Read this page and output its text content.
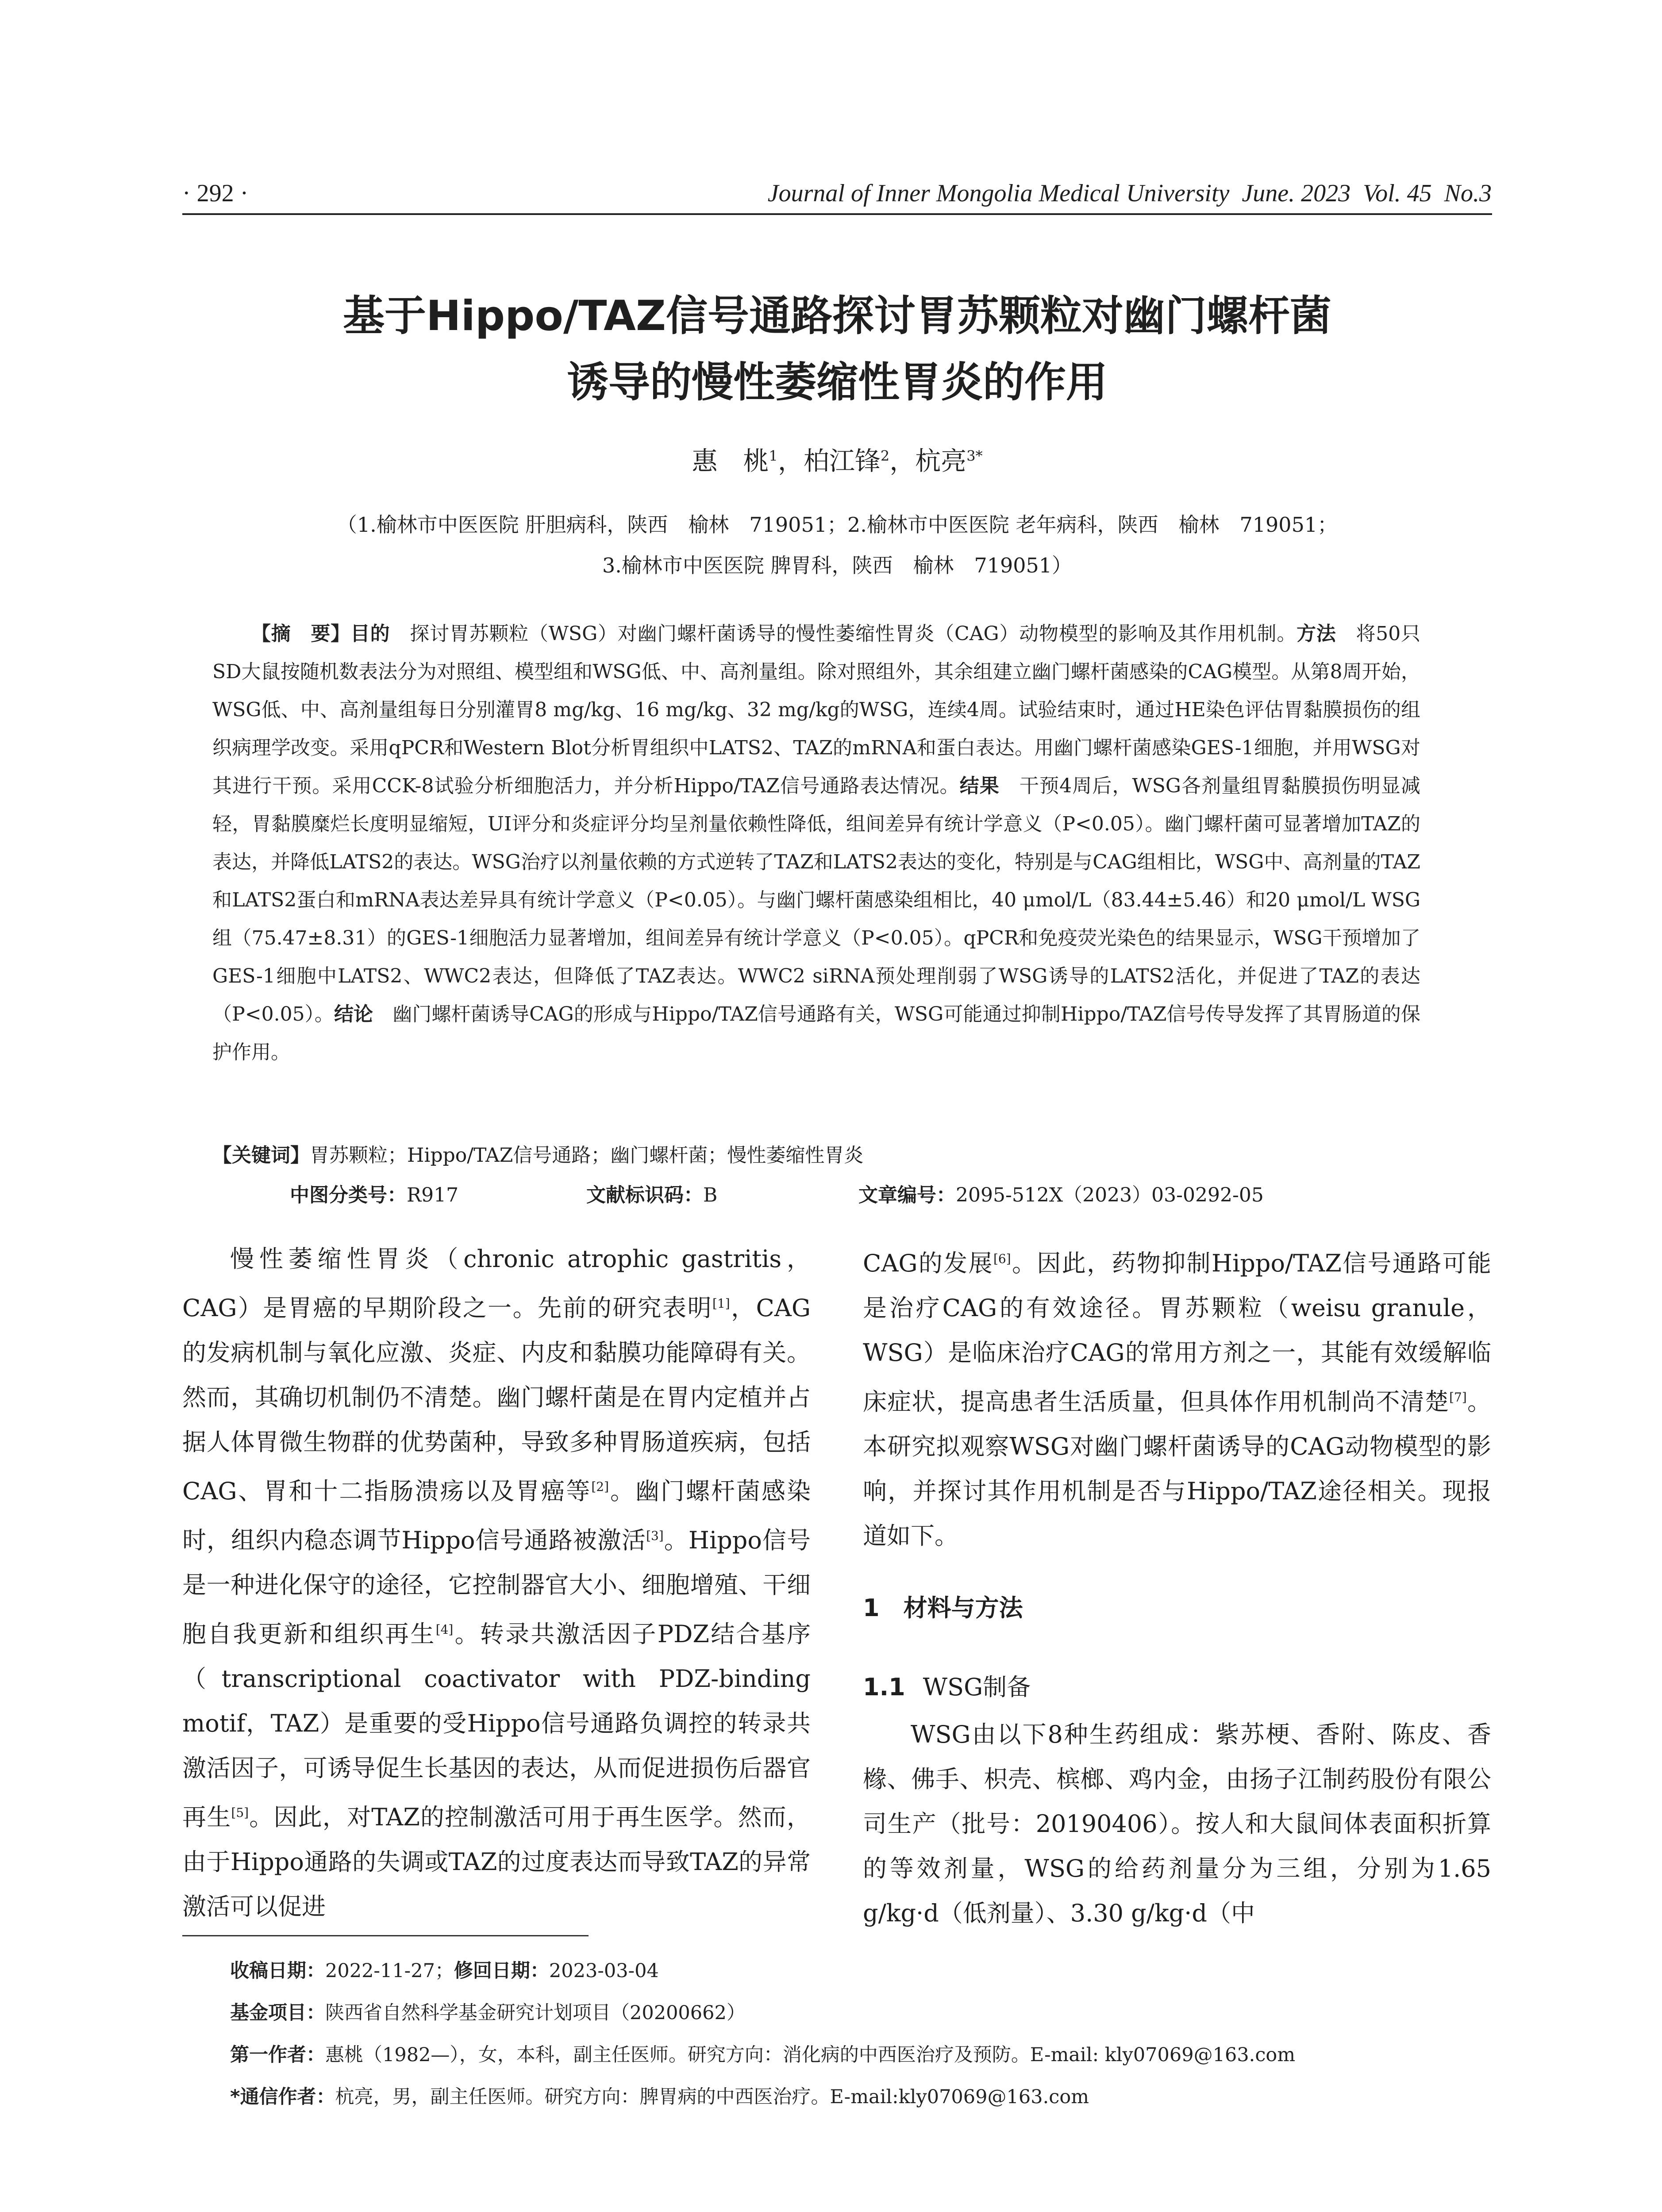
· 292 ·	Journal of Inner Mongolia Medical University June. 2023 Vol. 45 No.3
基于Hippo/TAZ信号通路探讨胃苏颗粒对幽门螺杆菌
诱导的慢性萎缩性胃炎的作用
惠　桃$^1$，柏江锋$^2$，杭亮$^{3*}$
（1.榆林市中医医院 肝胆病科，陕西　榆林　719051；2.榆林市中医医院 老年病科，陕西　榆林　719051；
3.榆林市中医医院 脾胃科，陕西　榆林　719051）
【摘　要】目的　 探讨胃苏颗粒（WSG）对幽门螺杆菌诱导的慢性萎缩性胃炎（CAG）动物模型的影响及其作用机制。方法　 将50只SD大鼠按随机数表法分为对照组、模型组和WSG低、中、高剂量组。除对照组外，其余组建立幽门螺杆菌感染的CAG模型。从第8周开始，WSG低、中、高剂量组每日分别灌胃8 mg/kg、16 mg/kg、32 mg/kg的WSG，连续4周。试验结束时，通过HE染色评估胃黏膜损伤的组织病理学改变。采用qPCR和Western Blot分析胃组织中LATS2、TAZ的mRNA和蛋白表达。用幽门螺杆菌感染GES-1细胞，并用WSG对其进行干预。采用CCK-8试验分析细胞活力，并分析Hippo/TAZ信号通路表达情况。结果　 干预4周后，WSG各剂量组胃黏膜损伤明显减轻，胃黏膜糜烂长度明显缩短，UI评分和炎症评分均呈剂量依赖性降低，组间差异有统计学意义（P<0.05）。幽门螺杆菌可显著增加TAZ的表达，并降低LATS2的表达。WSG治疗以剂量依赖的方式逆转了TAZ和LATS2表达的变化，特别是与CAG组相比，WSG中、高剂量的TAZ和LATS2蛋白和mRNA表达差异具有统计学意义（P<0.05）。与幽门螺杆菌感染组相比，40 μmol/L（83.44±5.46）和20 μmol/L WSG组（75.47±8.31）的GES-1细胞活力显著增加，组间差异有统计学意义（P<0.05）。qPCR和免疫荧光染色的结果显示，WSG干预增加了GES-1细胞中LATS2、WWC2表达，但降低了TAZ表达。WWC2 siRNA预处理削弱了WSG诱导的LATS2活化，并促进了TAZ的表达（P<0.05）。结论　 幽门螺杆菌诱导CAG的形成与Hippo/TAZ信号通路有关，WSG可能通过抑制Hippo/TAZ信号传导发挥了其胃肠道的保护作用。
【关键词】胃苏颗粒；Hippo/TAZ信号通路；幽门螺杆菌；慢性萎缩性胃炎
中图分类号：R917	文献标识码：B	文章编号：2095-512X（2023）03-0292-05

慢性萎缩性胃炎（chronic atrophic gastritis，CAG）是胃癌的早期阶段之一。先前的研究表明[1]，CAG的发病机制与氧化应激、炎症、内皮和黏膜功能障碍有关。然而，其确切机制仍不清楚。幽门螺杆菌是在胃内定植并占据人体胃微生物群的优势菌种，导致多种胃肠道疾病，包括CAG、胃和十二指肠溃疡以及胃癌等[2]。幽门螺杆菌感染时，组织内稳态调节Hippo信号通路被激活[3]。Hippo信号是一种进化保守的途径，它控制器官大小、细胞增殖、干细胞自我更新和组织再生[4]。转录共激活因子PDZ结合基序（transcriptional coactivator with PDZ-binding motif，TAZ）是重要的受Hippo信号通路负调控的转录共激活因子，可诱导促生长基因的表达，从而促进损伤后器官再生[5]。因此，对TAZ的控制激活可用于再生医学。然而，由于Hippo通路的失调或TAZ的过度表达而导致TAZ的异常激活可以促进

CAG的发展[6]。因此，药物抑制Hippo/TAZ信号通路可能是治疗CAG的有效途径。胃苏颗粒（weisu granule，WSG）是临床治疗CAG的常用方剂之一，其能有效缓解临床症状，提高患者生活质量，但具体作用机制尚不清楚[7]。本研究拟观察WSG对幽门螺杆菌诱导的CAG动物模型的影响，并探讨其作用机制是否与Hippo/TAZ途径相关。现报道如下。

1　材料与方法
1.1 WSG制备

WSG由以下8种生药组成：紫苏梗、香附、陈皮、香橼、佛手、枳壳、槟榔、鸡内金，由扬子江制药股份有限公司生产（批号：20190406）。按人和大鼠间体表面积折算的等效剂量，WSG的给药剂量分为三组，分别为1.65 g/kg·d（低剂量）、3.30 g/kg·d（中

收稿日期：2022-11-27；修回日期：2023-03-04
基金项目：陕西省自然科学基金研究计划项目（20200662）
第一作者：惠桃（1982—），女，本科，副主任医师。研究方向：消化病的中西医治疗及预防。E-mail: kly07069@163.com
*通信作者：杭亮，男，副主任医师。研究方向：脾胃病的中西医治疗。E-mail:kly07069@163.com
